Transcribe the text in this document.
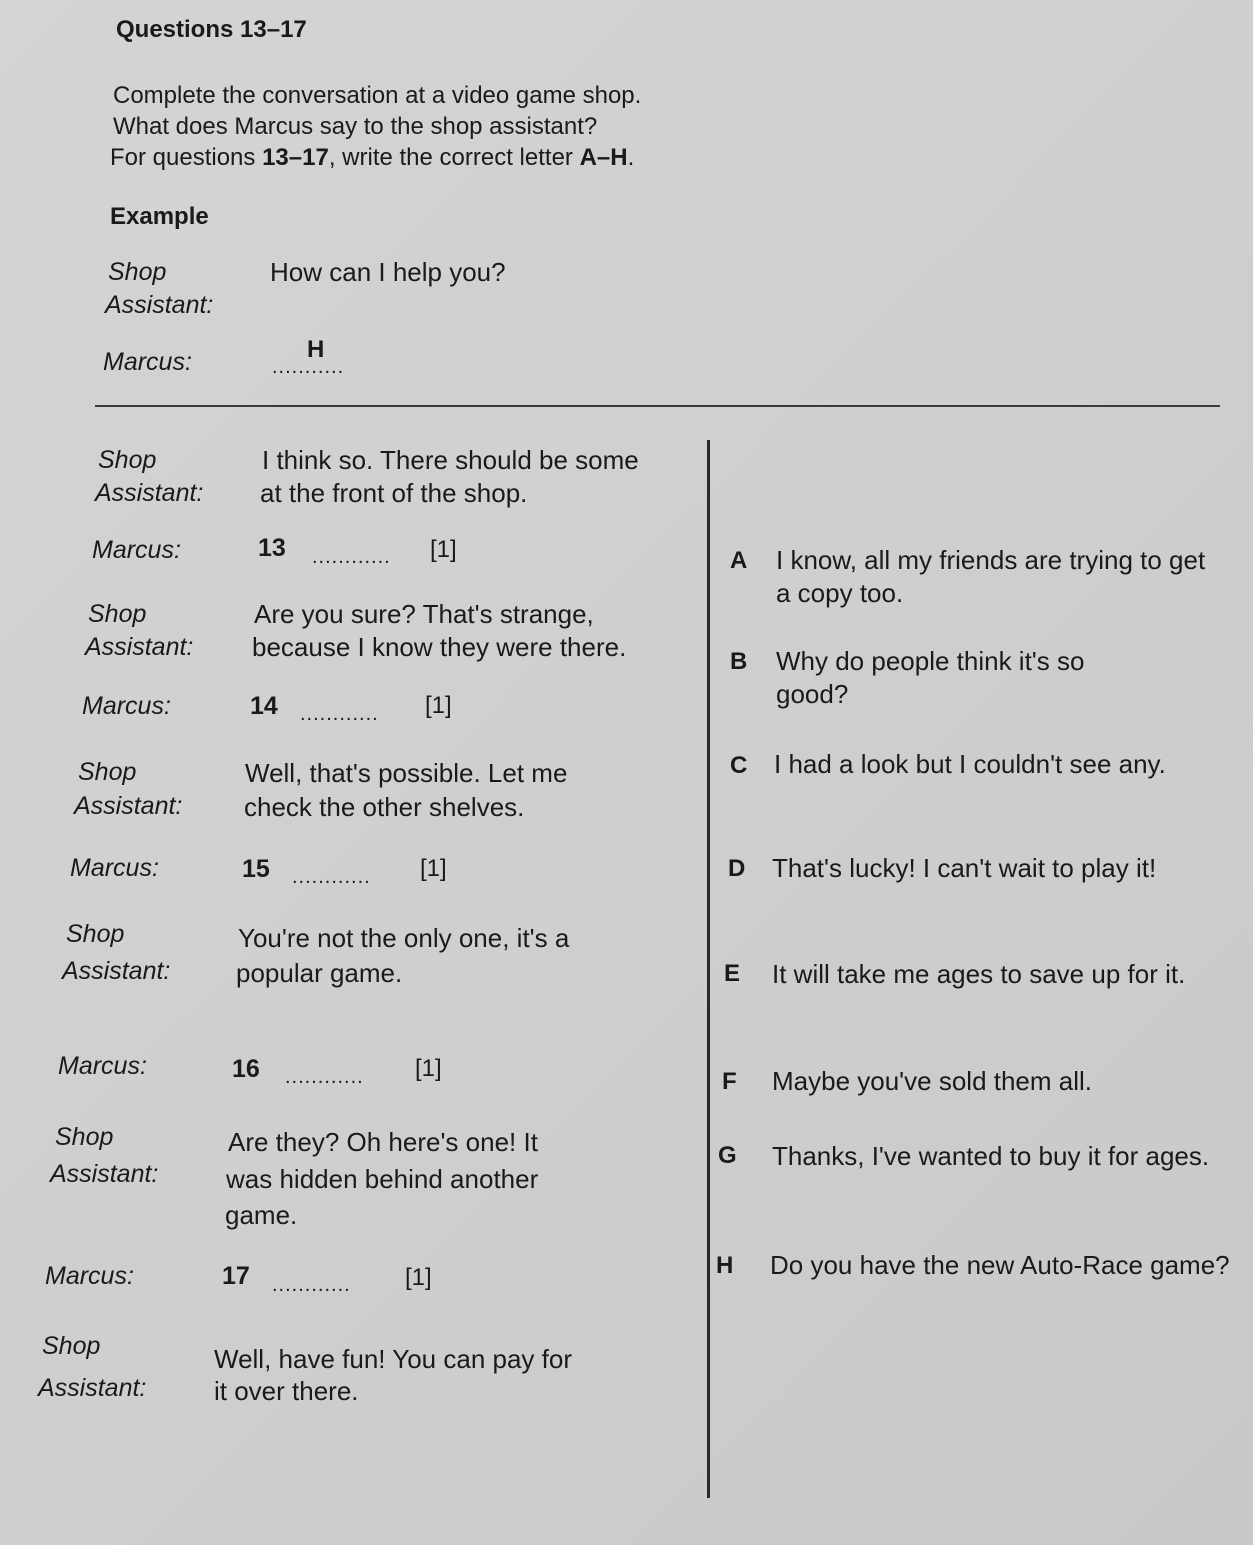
Questions 13–17
Complete the conversation at a video game shop.
What does Marcus say to the shop assistant?
For questions 13–17, write the correct letter A–H.
Example
Shop
Assistant:
How can I help you?
Marcus:	H
...........
Shop
Assistant:
I think so. There should be some
at the front of the shop.
Marcus:	13 ............ [1]
Shop
Assistant:
Are you sure? That's strange,
because I know they were there.
Marcus:	14 ............ [1]
Shop
Assistant:
Well, that's possible. Let me
check the other shelves.
Marcus:	15 ............ [1]
Shop
Assistant:
You're not the only one, it's a
popular game.
Marcus:	16 ............ [1]
Shop
Assistant:
Are they? Oh here's one! It
was hidden behind another
game.
Marcus:	17 ............ [1]
Shop
Assistant:
Well, have fun! You can pay for
it over there.
A I know, all my friends are trying to get a copy too.
B Why do people think it's so good?
C I had a look but I couldn't see any.
D That's lucky! I can't wait to play it!
E It will take me ages to save up for it.
F Maybe you've sold them all.
G Thanks, I've wanted to buy it for ages.
H Do you have the new Auto-Race game?
